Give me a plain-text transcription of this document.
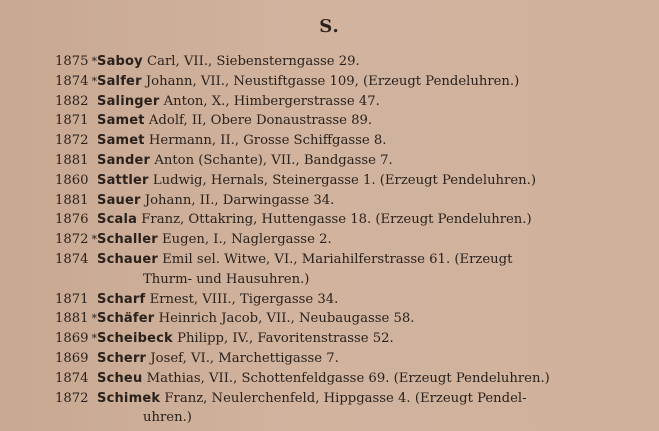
S.
1875 * Saboy Carl, VII., Siebensterngasse 29.
1874 * Salfer Johann, VII., Neustiftgasse 109, (Erzeugt Pendeluhren.)
1882 Salinger Anton, X., Himbergerstrasse 47.
1871 Samet Adolf, II, Obere Donaustrasse 89.
1872 Samet Hermann, II., Grosse Schiffgasse 8.
1881 Sander Anton (Schante), VII., Bandgasse 7.
1860 Sattler Ludwig, Hernals, Steinergasse 1. (Erzeugt Pendeluhren.)
1881 Sauer Johann, II., Darwingasse 34.
1876 Scala Franz, Ottakring, Huttengasse 18. (Erzeugt Pendeluhren.)
1872 * Schaller Eugen, I., Naglergasse 2.
1874 Schauer Emil sel. Witwe, VI., Mariahilferstrasse 61. (Erzeugt
Thurm- und Hausuhren.)
1871 Scharf Ernest, VIII., Tigergasse 34.
1881 * Schäfer Heinrich Jacob, VII., Neubaugasse 58.
1869 * Scheibeck Philipp, IV., Favoritenstrasse 52.
1869 Scherr Josef, VI., Marchettigasse 7.
1874 Scheu Mathias, VII., Schottenfeldgasse 69. (Erzeugt Pendeluhren.)
1872 Schimek Franz, Neulerchenfeld, Hippgasse 4. (Erzeugt Pendel-
uhren.)
